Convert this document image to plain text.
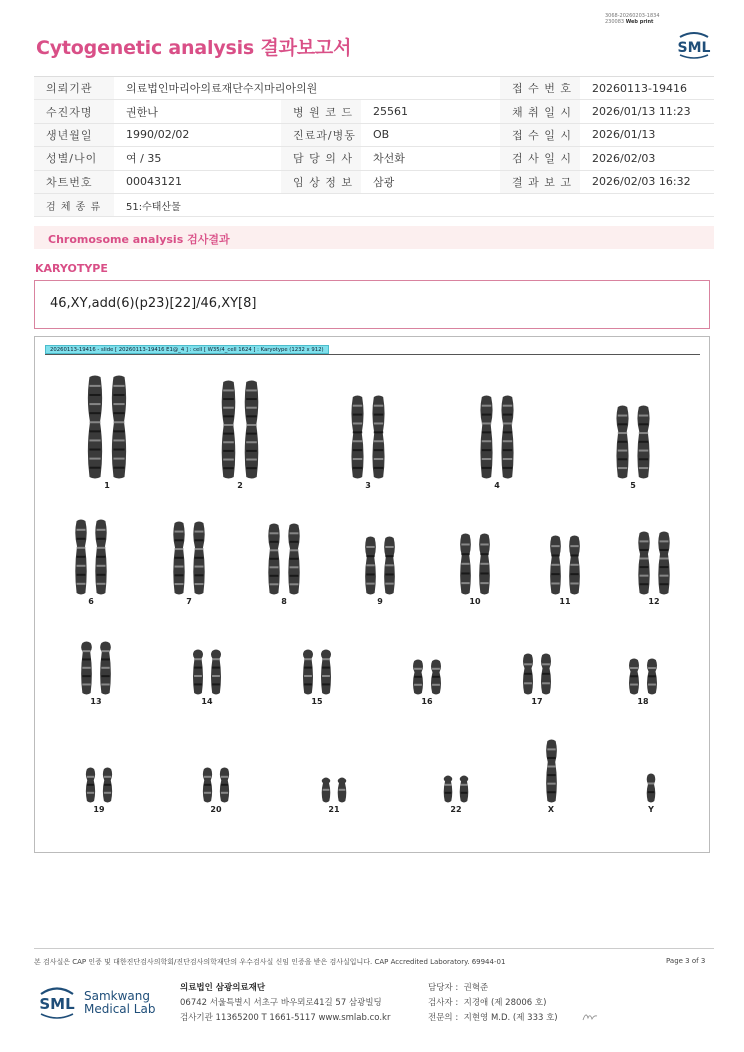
3068-20260203-1834
230083 Web print
Cytogenetic analysis 결과보고서	SML
의뢰기관	의료법인마리아의료재단수지마리아의원			접 수 번 호	20260113-19416
수진자명	권한나	병 원 코 드	25561	채 취 일 시	2026/01/13 11:23
생년월일	1990/02/02	진료과/병동	OB	접 수 일 시	2026/01/13
성별/나이	여 / 35	담 당 의 사	차선화	검 사 일 시	2026/02/03
차트번호	00043121	임 상 정 보	삼광	결 과 보 고	2026/02/03 16:32
검 체 종 류	51:수태산물				
Chromosome analysis 검사결과
KARYOTYPE
46,XY,add(6)(p23)[22]/46,XY[8]
20260113-19416 - slide [ 20260113-19416 E1@_4 ] : cell [ W35/4_cell 1624 ] : Karyotype (1232 x 912)
1	2	3	4	5
6	7	8	9	10	11	12
13	14	15	16	17	18
19	20	21	22	X	Y
본 검사실은 CAP 인증 및 대한진단검사의학회/진단검사의학재단의 우수검사실 신임 인증을 받은 검사실입니다. CAP Accredited Laboratory. 69944-01	Page 3 of 3
SML Samkwang
Medical Lab
의료법인 삼광의료재단
06742 서울특별시 서초구 바우뫼로41길 57 삼광빌딩
검사기관 11365200 T 1661-5117 www.smlab.co.kr
담당자 : 권혁준
검사자 : 지경애 (제 28006 호)
전문의 : 지현영 M.D. (제 333 호)
